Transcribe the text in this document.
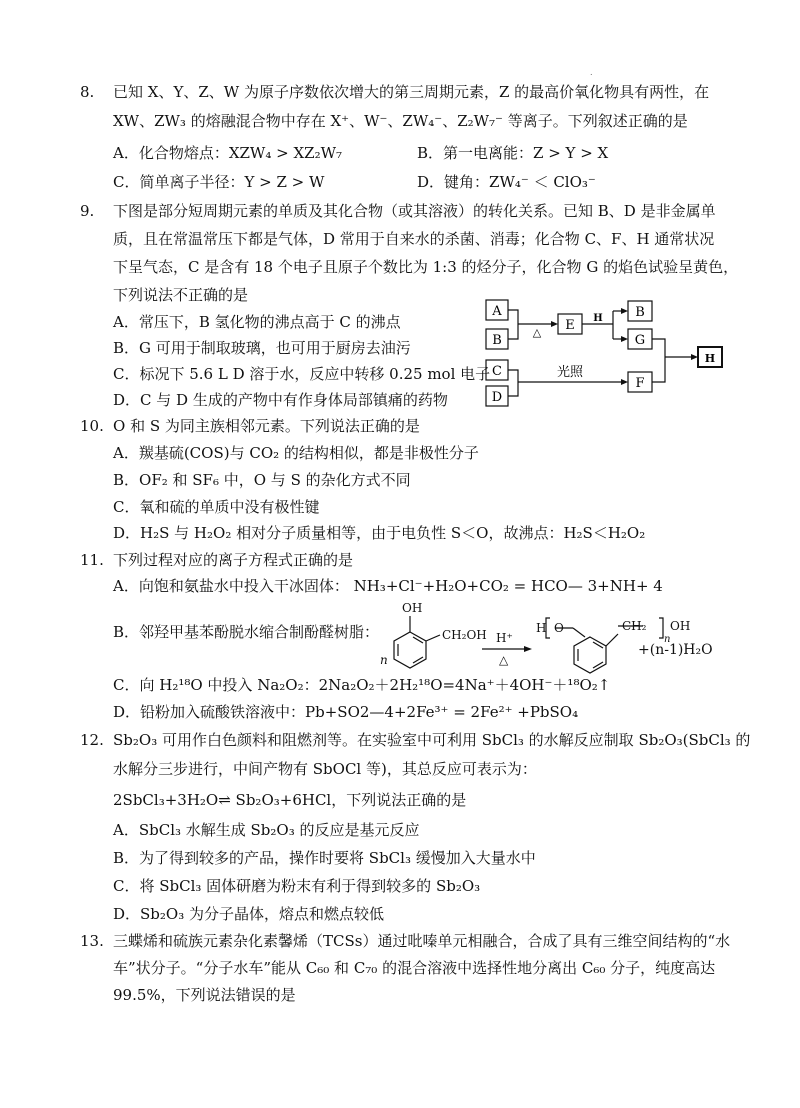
.
8. 已知 X、Y、Z、W 为原子序数依次增大的第三周期元素，Z 的最高价氧化物具有两性，在
XW、ZW₃ 的熔融混合物中存在 X⁺、W⁻、ZW₄⁻、Z₂W₇⁻ 等离子。下列叙述正确的是
A．化合物熔点：XZW₄ > XZ₂W₇	B．第一电离能：Z > Y > X
C．简单离子半径：Y > Z > W	D．键角：ZW₄⁻ ＜ ClO₃⁻
9. 下图是部分短周期元素的单质及其化合物（或其溶液）的转化关系。已知 B、D 是非金属单
质，且在常温常压下都是气体，D 常用于自来水的杀菌、消毒；化合物 C、F、H 通常状况
下呈气态，C 是含有 18 个电子且原子个数比为 1:3 的烃分子，化合物 G 的焰色试验呈黄色，
下列说法不正确的是
A．常压下，B 氢化物的沸点高于 C 的沸点
B．G 可用于制取玻璃，也可用于厨房去油污
C．标况下 5.6 L D 溶于水，反应中转移 0.25 mol 电子
D．C 与 D 生成的产物中有作身体局部镇痛的药物
A
B
C
D
E
B
G
F
H
△
H
光照
10. O 和 S 为同主族相邻元素。下列说法正确的是
A．羰基硫(COS)与 CO₂ 的结构相似，都是非极性分子
B．OF₂ 和 SF₆ 中，O 与 S 的杂化方式不同
C．氧和硫的单质中没有极性键
D．H₂S 与 H₂O₂ 相对分子质量相等，由于电负性 S＜O，故沸点：H₂S＜H₂O₂
11. 下列过程对应的离子方程式正确的是
A．向饱和氨盐水中投入干冰固体： NH₃+Cl⁻+H₂O+CO₂ = HCO— 3+NH+ 4
B．邻羟甲基苯酚脱水缩合制酚醛树脂：
OH
CH₂OH
n
H⁺
△
H O	CH₂
n
OH
+(n-1)H₂O
C．向 H₂¹⁸O 中投入 Na₂O₂：2Na₂O₂＋2H₂¹⁸O=4Na⁺＋4OH⁻＋¹⁸O₂↑
D．铅粉加入硫酸铁溶液中：Pb+SO2—4+2Fe³⁺ = 2Fe²⁺ +PbSO₄
12. Sb₂O₃ 可用作白色颜料和阻燃剂等。在实验室中可利用 SbCl₃ 的水解反应制取 Sb₂O₃(SbCl₃ 的
水解分三步进行，中间产物有 SbOCl 等)，其总反应可表示为：
2SbCl₃+3H₂O⇌ Sb₂O₃+6HCl，下列说法正确的是
A．SbCl₃ 水解生成 Sb₂O₃ 的反应是基元反应
B．为了得到较多的产品，操作时要将 SbCl₃ 缓慢加入大量水中
C．将 SbCl₃ 固体研磨为粉末有利于得到较多的 Sb₂O₃
D．Sb₂O₃ 为分子晶体，熔点和燃点较低
13. 三蝶烯和硫族元素杂化素馨烯（TCSs）通过吡嗪单元相融合，合成了具有三维空间结构的“水
车”状分子。“分子水车”能从 C₆₀ 和 C₇₀ 的混合溶液中选择性地分离出 C₆₀ 分子，纯度高达
99.5%，下列说法错误的是
